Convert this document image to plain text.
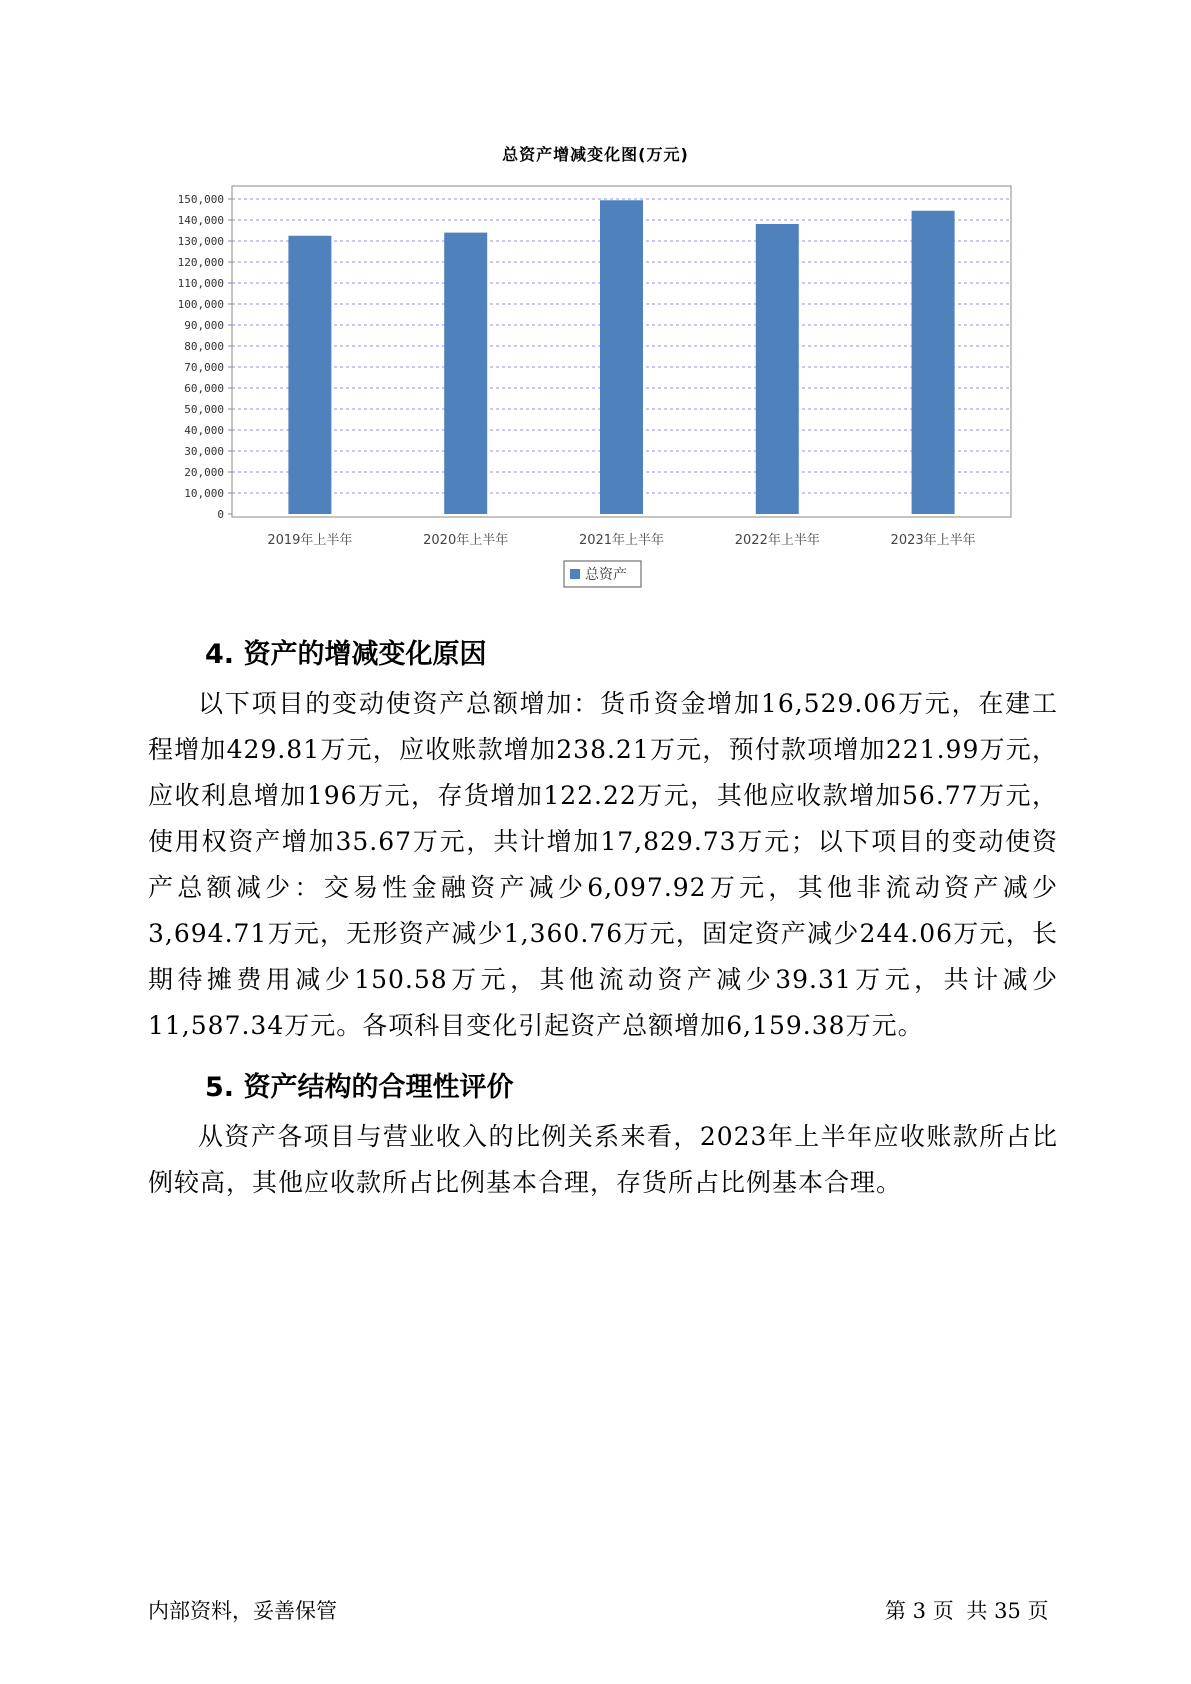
总资产增减变化图(万元)
0
10,000
20,000
30,000
40,000
50,000
60,000
70,000
80,000
90,000
100,000
110,000
120,000
130,000
140,000
150,000
2019年上半年	2020年上半年	2021年上半年	2022年上半年	2023年上半年
总资产
4. 资产的增减变化原因

以下项目的变动使资产总额增加：货币资金增加16,529.06万元，在建工程增加429.81万元，应收账款增加238.21万元，预付款项增加221.99万元，应收利息增加196万元，存货增加122.22万元，其他应收款增加56.77万元，使用权资产增加35.67万元，共计增加17,829.73万元；以下项目的变动使资产总额减少：交易性金融资产减少6,097.92万元，其他非流动资产减少3,694.71万元，无形资产减少1,360.76万元，固定资产减少244.06万元，长期待摊费用减少150.58万元，其他流动资产减少39.31万元，共计减少11,587.34万元。各项科目变化引起资产总额增加6,159.38万元。

5. 资产结构的合理性评价

从资产各项目与营业收入的比例关系来看，2023年上半年应收账款所占比例较高，其他应收款所占比例基本合理，存货所占比例基本合理。

内部资料，妥善保管	第 3 页 共 35 页
